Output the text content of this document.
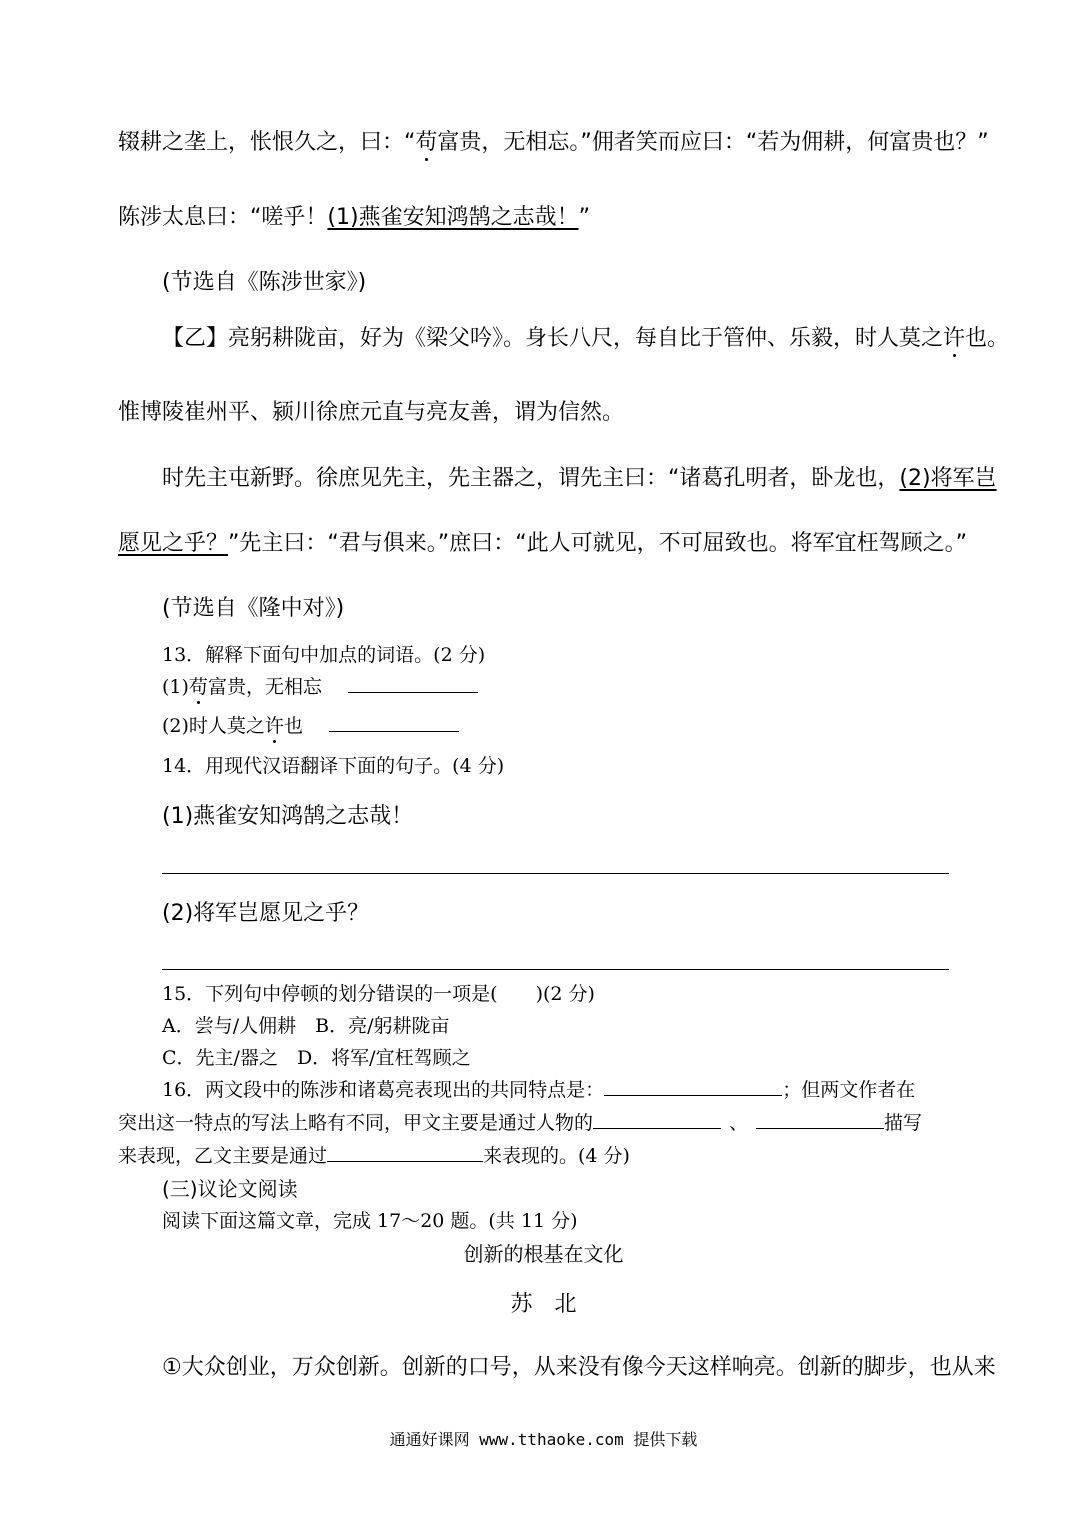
辍耕之垄上，怅恨久之，曰：“苟富贵，无相忘。”佣者笑而应曰：“若为佣耕，何富贵也？”
陈涉太息曰：“嗟乎！(1)燕雀安知鸿鹄之志哉！”
(节选自《陈涉世家》)
【乙】亮躬耕陇亩，好为《梁父吟》。身长八尺，每自比于管仲、乐毅，时人莫之许也。
惟博陵崔州平、颍川徐庶元直与亮友善，谓为信然。
时先主屯新野。徐庶见先主，先主器之，谓先主曰：“诸葛孔明者，卧龙也，(2)将军岂
愿见之乎？”先主曰：“君与俱来。”庶曰：“此人可就见，不可屈致也。将军宜枉驾顾之。”
(节选自《隆中对》)
13．解释下面句中加点的词语。(2 分)
(1)苟富贵，无相忘
(2)时人莫之许也
14．用现代汉语翻译下面的句子。(4 分)
(1)燕雀安知鸿鹄之志哉！
(2)将军岂愿见之乎？
15．下列句中停顿的划分错误的一项是(　　)(2 分)
A．尝与/人佣耕　B．亮/躬耕陇亩
C．先主/器之　D．将军/宜枉驾顾之
16．两文段中的陈涉和诸葛亮表现出的共同特点是：	；但两文作者在
突出这一特点的写法上略有不同，甲文主要是通过人物的	、	描写
来表现，乙文主要是通过	来表现的。(4 分)
(三)议论文阅读
阅读下面这篇文章，完成 17～20 题。(共 11 分)
创新的根基在文化
苏北
①大众创业，万众创新。创新的口号，从来没有像今天这样响亮。创新的脚步，也从来
通通好课网 www.tthaoke.com 提供下载
